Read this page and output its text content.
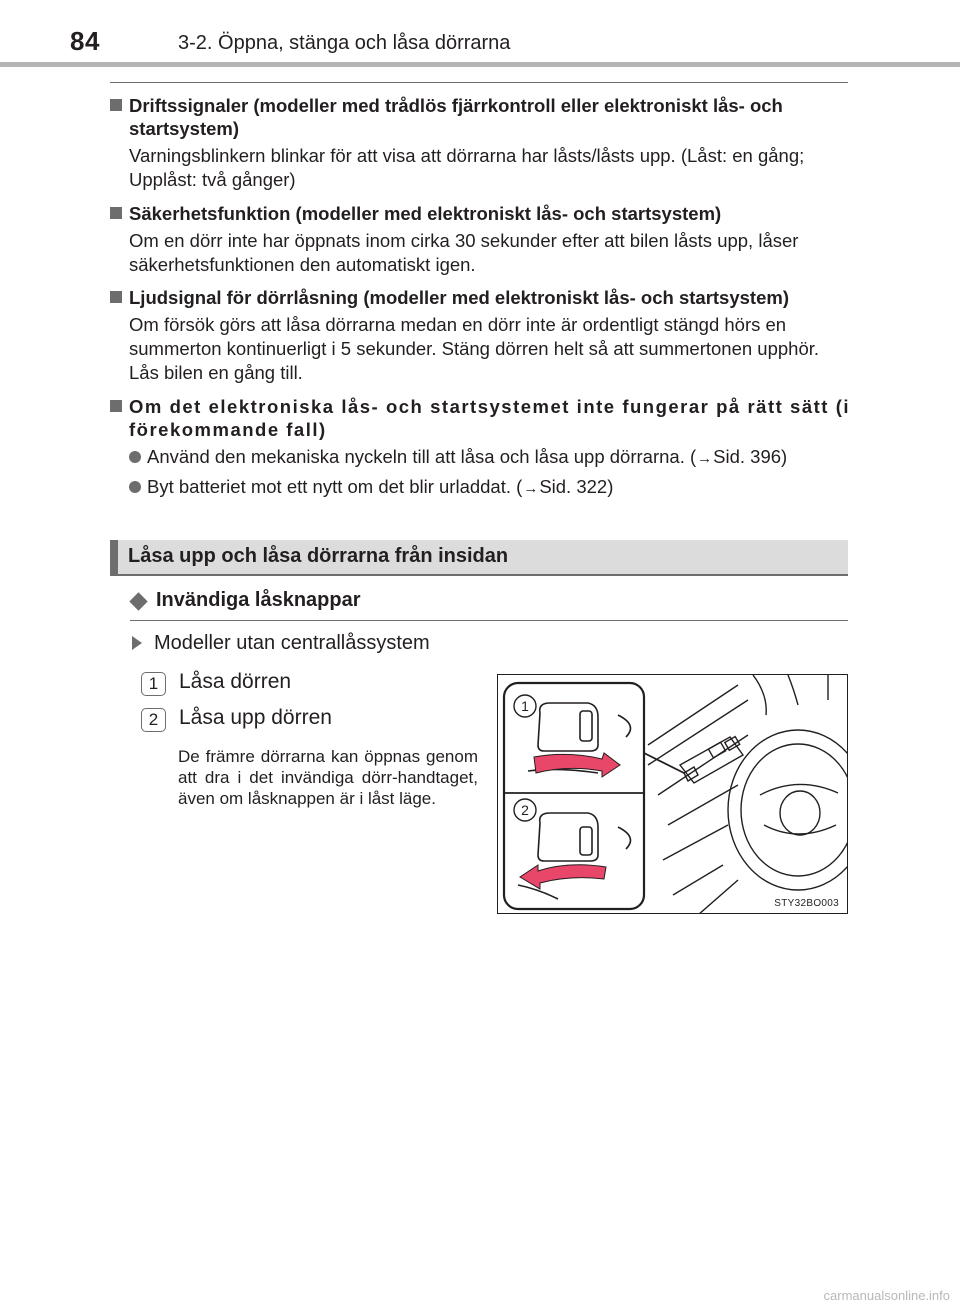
84	3-2. Öppna, stänga och låsa dörrarna
Driftssignaler (modeller med trådlös fjärrkontroll eller elektroniskt lås- och startsystem)
Varningsblinkern blinkar för att visa att dörrarna har låsts/låsts upp. (Låst: en gång; Upplåst: två gånger)
Säkerhetsfunktion (modeller med elektroniskt lås- och startsystem)
Om en dörr inte har öppnats inom cirka 30 sekunder efter att bilen låsts upp, låser säkerhetsfunktionen den automatiskt igen.
Ljudsignal för dörrlåsning (modeller med elektroniskt lås- och startsystem)
Om försök görs att låsa dörrarna medan en dörr inte är ordentligt stängd hörs en summerton kontinuerligt i 5 sekunder. Stäng dörren helt så att summertonen upphör. Lås bilen en gång till.
Om det elektroniska lås- och startsystemet inte fungerar på rätt sätt (i förekommande fall)
Använd den mekaniska nyckeln till att låsa och låsa upp dörrarna. (→Sid. 396)
Byt batteriet mot ett nytt om det blir urladdat. (→Sid. 322)
Låsa upp och låsa dörrarna från insidan
Invändiga låsknappar
Modeller utan centrallåssystem
1 Låsa dörren
2 Låsa upp dörren
De främre dörrarna kan öppnas genom att dra i det invändiga dörr-handtaget, även om låsknappen är i låst läge.
1
2
STY32BO003
carmanualsonline.info
